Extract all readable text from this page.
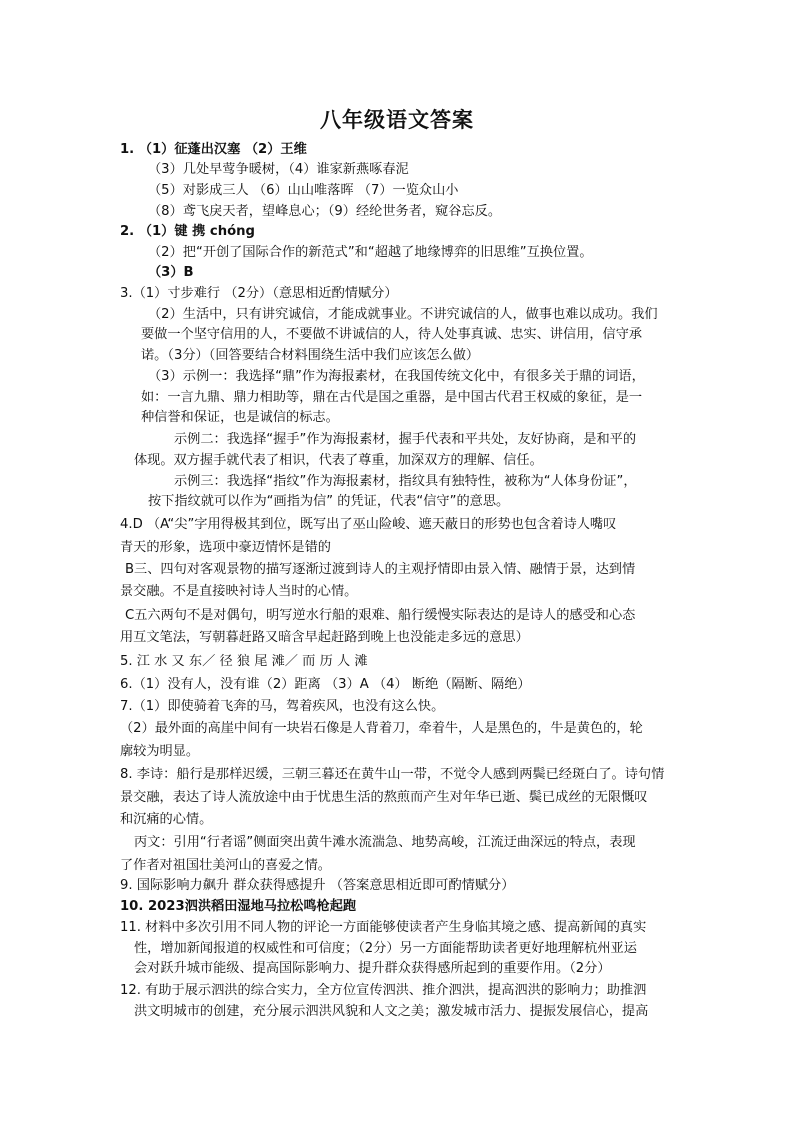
八年级语文答案
1. （1）征蓬出汉塞 （2）王维
（3）几处早莺争暖树，（4）谁家新燕啄春泥
（5）对影成三人 （6）山山唯落晖 （7）一览众山小
（8）鸢飞戾天者，望峰息心；（9）经纶世务者，窥谷忘反。
2. （1）键 携 chóng
（2）把“开创了国际合作的新范式”和“超越了地缘博弈的旧思维”互换位置。
（3）B
3.（1）寸步难行 （2分）（意思相近酌情赋分）
（2）生活中，只有讲究诚信，才能成就事业。不讲究诚信的人，做事也难以成功。我们
要做一个坚守信用的人，不要做不讲诚信的人，待人处事真诚、忠实、讲信用，信守承
诺。（3分）（回答要结合材料围绕生活中我们应该怎么做）
（3）示例一：我选择“鼎”作为海报素材，在我国传统文化中，有很多关于鼎的词语，
如：一言九鼎、鼎力相助等，鼎在古代是国之重器，是中国古代君王权威的象征，是一
种信誉和保证，也是诚信的标志。
示例二：我选择“握手”作为海报素材，握手代表和平共处，友好协商，是和平的
体现。双方握手就代表了相识，代表了尊重，加深双方的理解、信任。
示例三：我选择“指纹”作为海报素材，指纹具有独特性，被称为“人体身份证”，
按下指纹就可以作为“画指为信” 的凭证，代表“信守”的意思。
4.D （A“尖”字用得极其到位，既写出了巫山险峻、遮天蔽日的形势也包含着诗人嘴叹
青天的形象，选项中豪迈情怀是错的
B三、四句对客观景物的描写逐渐过渡到诗人的主观抒情即由景入情、融情于景，达到情
景交融。不是直接映衬诗人当时的心情。
C五六两句不是对偶句，明写逆水行船的艰难、船行缓慢实际表达的是诗人的感受和心态
用互文笔法，写朝暮赶路又暗含早起赶路到晚上也没能走多远的意思）
5. 江 水 又 东／ 径 狼 尾 滩／ 而 历 人 滩
6.（1）没有人，没有谁（2）距离 （3）A （4） 断绝（隔断、隔绝）
7.（1）即使骑着飞奔的马，驾着疾风，也没有这么快。
（2）最外面的高崖中间有一块岩石像是人背着刀，牵着牛，人是黑色的，牛是黄色的，轮
廓较为明显。
8. 李诗：船行是那样迟缓，三朝三暮还在黄牛山一带，不觉令人感到两鬓已经斑白了。诗句情
景交融，表达了诗人流放途中由于忧患生活的熬煎而产生对年华已逝、鬓已成丝的无限慨叹
和沉痛的心情。
丙文：引用“行者谣”侧面突出黄牛滩水流湍急、地势高峻，江流迂曲深远的特点，表现
了作者对祖国壮美河山的喜爱之情。
9. 国际影响力飙升 群众获得感提升 （答案意思相近即可酌情赋分）
10. 2023泗洪稻田湿地马拉松鸣枪起跑
11. 材料中多次引用不同人物的评论一方面能够使读者产生身临其境之感、提高新闻的真实
性，增加新闻报道的权威性和可信度；（2分）另一方面能帮助读者更好地理解杭州亚运
会对跃升城市能级、提高国际影响力、提升群众获得感所起到的重要作用。（2分）
12. 有助于展示泗洪的综合实力，全方位宣传泗洪、推介泗洪，提高泗洪的影响力；助推泗
洪文明城市的创建，充分展示泗洪风貌和人文之美；激发城市活力、提振发展信心，提高
